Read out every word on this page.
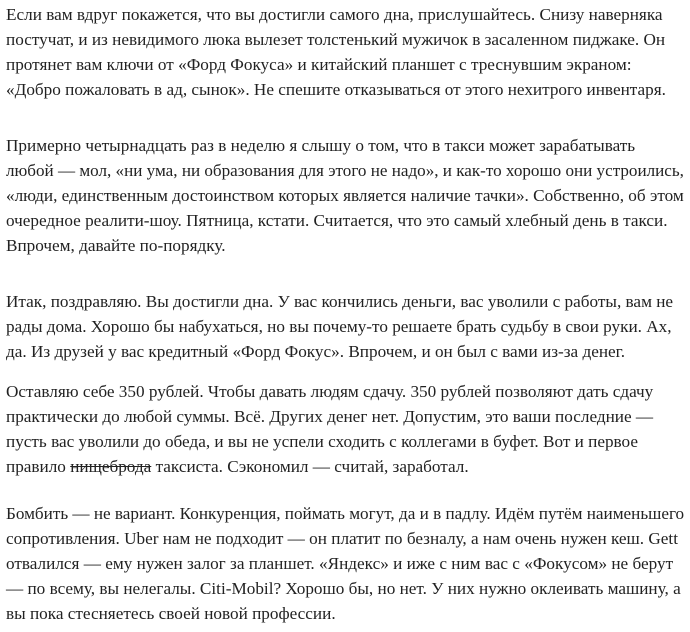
Если вам вдруг покажется, что вы достигли самого дна, прислушайтесь. Снизу наверняка
постучат, и из невидимого люка вылезет толстенький мужичок в засаленном пиджаке. Он
протянет вам ключи от «Форд Фокуса» и китайский планшет с треснувшим экраном:
«Добро пожаловать в ад, сынок». Не спешите отказываться от этого нехитрого инвентаря.
Примерно четырнадцать раз в неделю я слышу о том, что в такси может зарабатывать
любой — мол, «ни ума, ни образования для этого не надо», и как-то хорошо они устроились,
«люди, единственным достоинством которых является наличие тачки». Собственно, об этом
очередное реалити-шоу. Пятница, кстати. Считается, что это самый хлебный день в такси.
Впрочем, давайте по-порядку.
Итак, поздравляю. Вы достигли дна. У вас кончились деньги, вас уволили с работы, вам не
рады дома. Хорошо бы набухаться, но вы почему-то решаете брать судьбу в свои руки. Ах,
да. Из друзей у вас кредитный «Форд Фокус». Впрочем, и он был с вами из-за денег.
Оставляю себе 350 рублей. Чтобы давать людям сдачу. 350 рублей позволяют дать сдачу
практически до любой суммы. Всё. Других денег нет. Допустим, это ваши последние —
пусть вас уволили до обеда, и вы не успели сходить с коллегами в буфет. Вот и первое
правило нищеброда таксиста. Сэкономил — считай, заработал.
Бомбить — не вариант. Конкуренция, поймать могут, да и в падлу. Идём путём наименьшего
сопротивления. Uber нам не подходит — он платит по безналу, а нам очень нужен кеш. Gett
отвалился — ему нужен залог за планшет. «Яндекс» и иже с ним вас с «Фокусом» не берут
— по всему, вы нелегалы. Citi-Mobil? Хорошо бы, но нет. У них нужно оклеивать машину, а
вы пока стесняетесь своей новой профессии.
